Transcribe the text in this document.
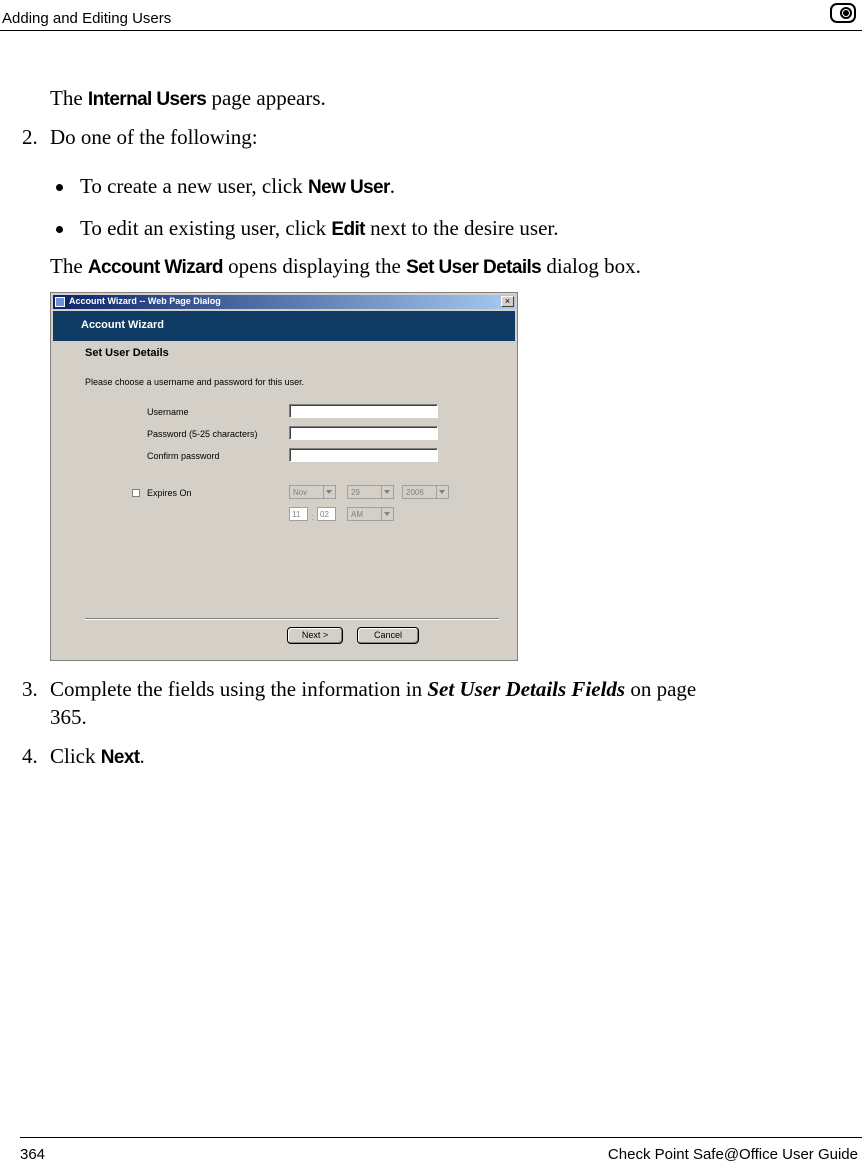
Adding and Editing Users
The Internal Users page appears.
2. Do one of the following:
To create a new user, click New User.
To edit an existing user, click Edit next to the desire user.
The Account Wizard opens displaying the Set User Details dialog box.
Account Wizard -- Web Page Dialog	×
Account Wizard
Set User Details
Please choose a username and password for this user.
Username
Password (5-25 characters)
Confirm password
Expires On	Nov	29	2006
11 : 02	AM
Next >	Cancel
3. Complete the fields using the information in Set User Details Fields on page
365.
4. Click Next.
364	Check Point Safe@Office User Guide
